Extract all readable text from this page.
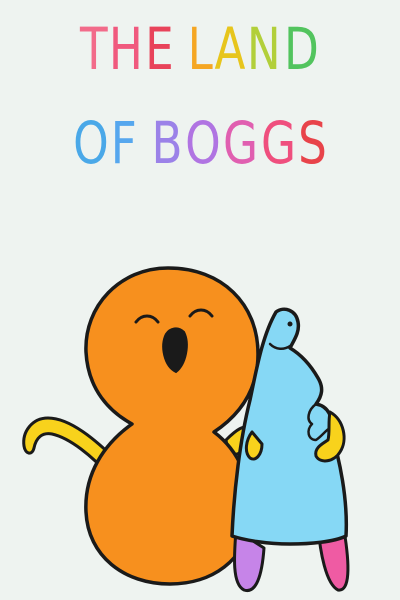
THE LAND
OF BOGGS
